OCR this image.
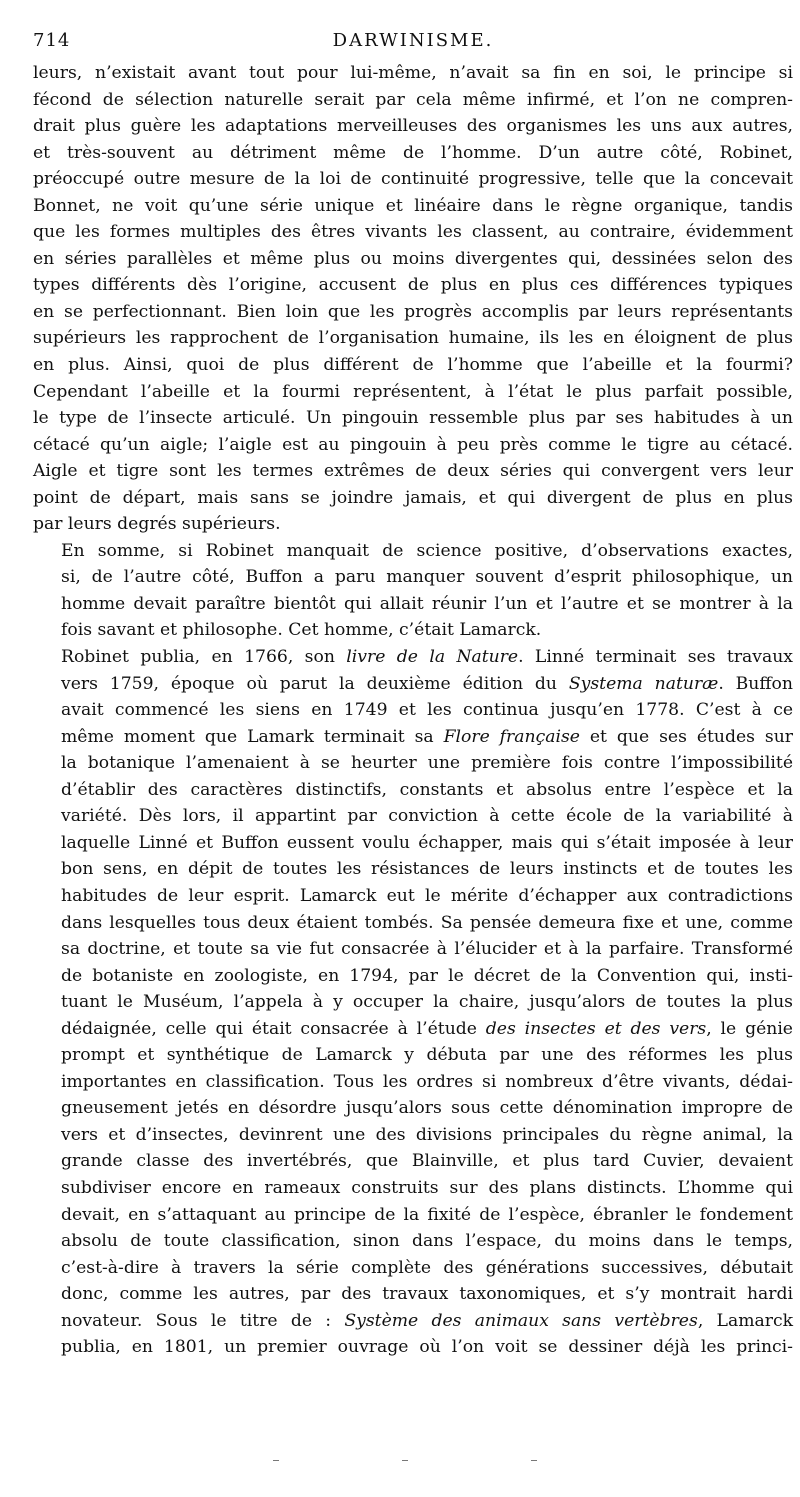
714	DARWINISME.

leurs, n’existait avant tout pour lui-même, n’avait sa fin en soi, le principe si
fécond de sélection naturelle serait par cela même infirmé, et l’on ne compren-
drait plus guère les adaptations merveilleuses des organismes les uns aux autres,
et très-souvent au détriment même de l’homme. D’un autre côté, Robinet,
préoccupé outre mesure de la loi de continuité progressive, telle que la concevait
Bonnet, ne voit qu’une série unique et linéaire dans le règne organique, tandis
que les formes multiples des êtres vivants les classent, au contraire, évidemment
en séries parallèles et même plus ou moins divergentes qui, dessinées selon des
types différents dès l’origine, accusent de plus en plus ces différences typiques
en se perfectionnant. Bien loin que les progrès accomplis par leurs représentants
supérieurs les rapprochent de l’organisation humaine, ils les en éloignent de plus
en plus. Ainsi, quoi de plus différent de l’homme que l’abeille et la fourmi?
Cependant l’abeille et la fourmi représentent, à l’état le plus parfait possible,
le type de l’insecte articulé. Un pingouin ressemble plus par ses habitudes à un
cétacé qu’un aigle; l’aigle est au pingouin à peu près comme le tigre au cétacé.
Aigle et tigre sont les termes extrêmes de deux séries qui convergent vers leur
point de départ, mais sans se joindre jamais, et qui divergent de plus en plus
par leurs degrés supérieurs.

En somme, si Robinet manquait de science positive, d’observations exactes,
si, de l’autre côté, Buffon a paru manquer souvent d’esprit philosophique, un
homme devait paraître bientôt qui allait réunir l’un et l’autre et se montrer à la
fois savant et philosophe. Cet homme, c’était Lamarck.

Robinet publia, en 1766, son livre de la Nature. Linné terminait ses travaux
vers 1759, époque où parut la deuxième édition du Systema naturæ. Buffon
avait commencé les siens en 1749 et les continua jusqu’en 1778. C’est à ce
même moment que Lamark terminait sa Flore française et que ses études sur
la botanique l’amenaient à se heurter une première fois contre l’impossibilité
d’établir des caractères distinctifs, constants et absolus entre l’espèce et la
variété. Dès lors, il appartint par conviction à cette école de la variabilité à
laquelle Linné et Buffon eussent voulu échapper, mais qui s’était imposée à leur
bon sens, en dépit de toutes les résistances de leurs instincts et de toutes les
habitudes de leur esprit. Lamarck eut le mérite d’échapper aux contradictions
dans lesquelles tous deux étaient tombés. Sa pensée demeura fixe et une, comme
sa doctrine, et toute sa vie fut consacrée à l’élucider et à la parfaire. Transformé
de botaniste en zoologiste, en 1794, par le décret de la Convention qui, insti-
tuant le Muséum, l’appela à y occuper la chaire, jusqu’alors de toutes la plus
dédaignée, celle qui était consacrée à l’étude des insectes et des vers, le génie
prompt et synthétique de Lamarck y débuta par une des réformes les plus
importantes en classification. Tous les ordres si nombreux d’être vivants, dédai-
gneusement jetés en désordre jusqu’alors sous cette dénomination impropre de
vers et d’insectes, devinrent une des divisions principales du règne animal, la
grande classe des invertébrés, que Blainville, et plus tard Cuvier, devaient
subdiviser encore en rameaux construits sur des plans distincts. L’homme qui
devait, en s’attaquant au principe de la fixité de l’espèce, ébranler le fondement
absolu de toute classification, sinon dans l’espace, du moins dans le temps,
c’est-à-dire à travers la série complète des générations successives, débutait
donc, comme les autres, par des travaux taxonomiques, et s’y montrait hardi
novateur. Sous le titre de : Système des animaux sans vertèbres, Lamarck
publia, en 1801, un premier ouvrage où l’on voit se dessiner déjà les princi-
